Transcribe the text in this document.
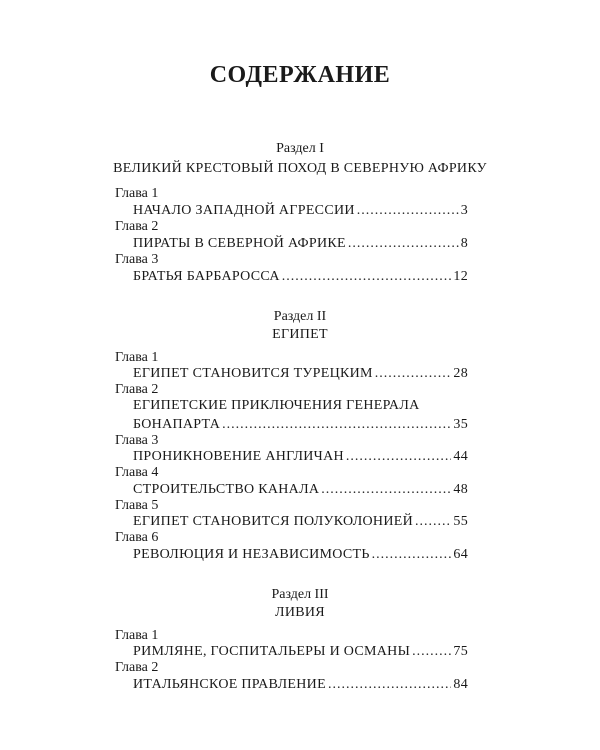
СОДЕРЖАНИЕ
Раздел I
ВЕЛИКИЙ КРЕСТОВЫЙ ПОХОД В СЕВЕРНУЮ АФРИКУ
Глава 1
НАЧАЛО ЗАПАДНОЙ АГРЕССИИ .....	3
Глава 2
ПИРАТЫ В СЕВЕРНОЙ АФРИКЕ .....	8
Глава 3
БРАТЬЯ БАРБАРОССА .....	12
Раздел II
ЕГИПЕТ
Глава 1
ЕГИПЕТ СТАНОВИТСЯ ТУРЕЦКИМ .....	28
Глава 2
ЕГИПЕТСКИЕ ПРИКЛЮЧЕНИЯ ГЕНЕРАЛА
БОНАПАРТА .....	35
Глава 3
ПРОНИКНОВЕНИЕ АНГЛИЧАН .....	44
Глава 4
СТРОИТЕЛЬСТВО КАНАЛА .....	48
Глава 5
ЕГИПЕТ СТАНОВИТСЯ ПОЛУКОЛОНИЕЙ .....	55
Глава 6
РЕВОЛЮЦИЯ И НЕЗАВИСИМОСТЬ .....	64
Раздел III
ЛИВИЯ
Глава 1
РИМЛЯНЕ, ГОСПИТАЛЬЕРЫ И ОСМАНЫ .....	75
Глава 2
ИТАЛЬЯНСКОЕ ПРАВЛЕНИЕ .....	84
